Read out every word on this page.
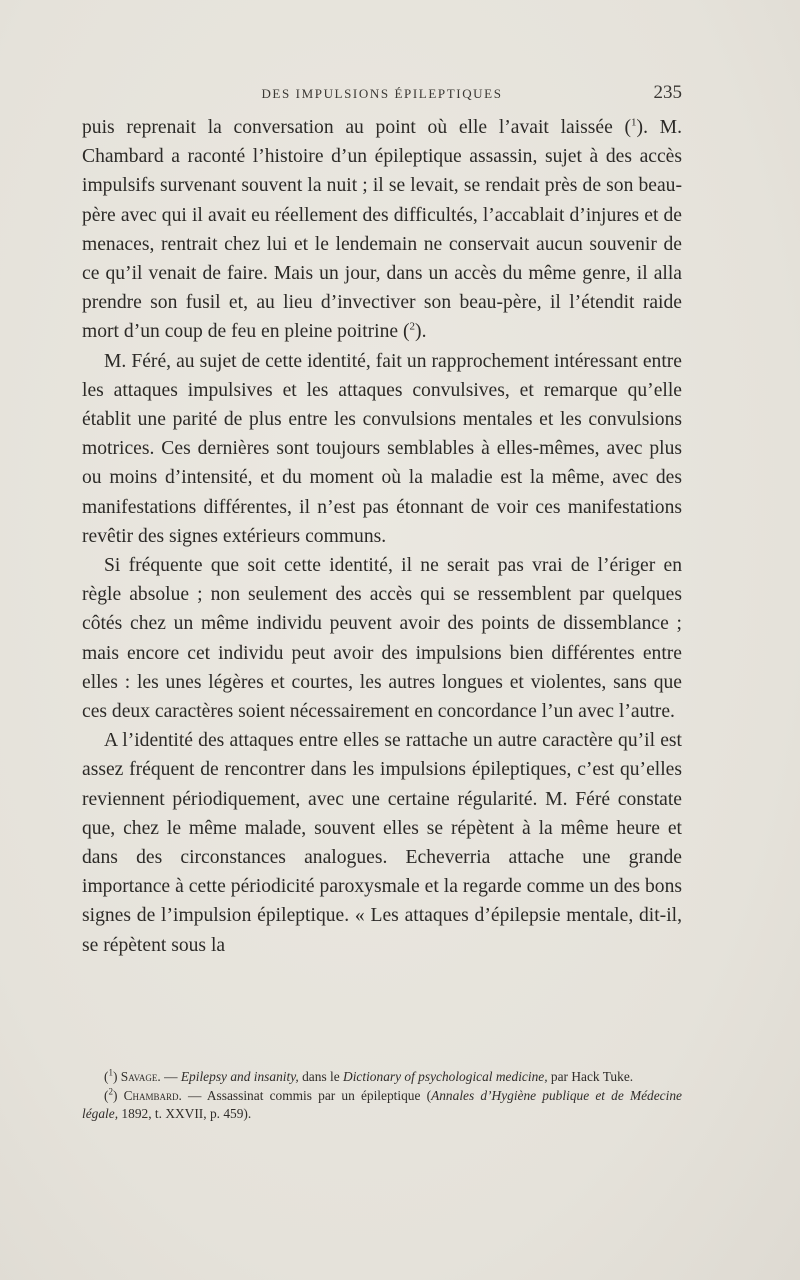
DES IMPULSIONS ÉPILEPTIQUES	235

puis reprenait la conversation au point où elle l’avait laissée ($^1$). M. Chambard a raconté l’histoire d’un épileptique assassin, sujet à des accès impulsifs survenant souvent la nuit ; il se levait, se rendait près de son beau-père avec qui il avait eu réellement des difficultés, l’accablait d’injures et de menaces, rentrait chez lui et le lendemain ne conservait aucun souvenir de ce qu’il venait de faire. Mais un jour, dans un accès du même genre, il alla prendre son fusil et, au lieu d’invectiver son beau-père, il l’étendit raide mort d’un coup de feu en pleine poitrine ($^2$).

M. Féré, au sujet de cette identité, fait un rapprochement intéressant entre les attaques impulsives et les attaques convulsives, et remarque qu’elle établit une parité de plus entre les convulsions mentales et les convulsions motrices. Ces dernières sont toujours semblables à elles-mêmes, avec plus ou moins d’intensité, et du moment où la maladie est la même, avec des manifestations différentes, il n’est pas étonnant de voir ces manifestations revêtir des signes extérieurs communs.

Si fréquente que soit cette identité, il ne serait pas vrai de l’ériger en règle absolue ; non seulement des accès qui se ressemblent par quelques côtés chez un même individu peuvent avoir des points de dissemblance ; mais encore cet individu peut avoir des impulsions bien différentes entre elles : les unes légères et courtes, les autres longues et violentes, sans que ces deux caractères soient nécessairement en concordance l’un avec l’autre.

A l’identité des attaques entre elles se rattache un autre caractère qu’il est assez fréquent de rencontrer dans les impulsions épileptiques, c’est qu’elles reviennent périodiquement, avec une certaine régularité. M. Féré constate que, chez le même malade, souvent elles se répètent à la même heure et dans des circonstances analogues. Echeverria attache une grande importance à cette périodicité paroxysmale et la regarde comme un des bons signes de l’impulsion épileptique. « Les attaques d’épilepsie mentale, dit-il, se répètent sous la

($^1$) Savage. — Epilepsy and insanity, dans le Dictionary of psychological medicine, par Hack Tuke.

($^2$) Chambard. — Assassinat commis par un épileptique (Annales d’Hygiène publique et de Médecine légale, 1892, t. XXVII, p. 459).
